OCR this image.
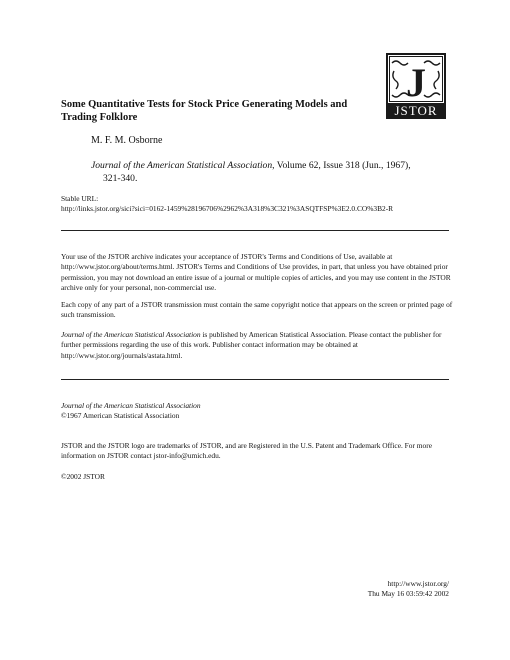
J
JSTOR
Some Quantitative Tests for Stock Price Generating Models and Trading Folklore
M. F. M. Osborne
Journal of the American Statistical Association, Volume 62, Issue 318 (Jun., 1967),
321-340.
Stable URL:
http://links.jstor.org/sici?sici=0162-1459%28196706%2962%3A318%3C321%3ASQTFSP%3E2.0.CO%3B2-R
Your use of the JSTOR archive indicates your acceptance of JSTOR's Terms and Conditions of Use, available at http://www.jstor.org/about/terms.html. JSTOR's Terms and Conditions of Use provides, in part, that unless you have obtained prior permission, you may not download an entire issue of a journal or multiple copies of articles, and you may use content in the JSTOR archive only for your personal, non-commercial use.
Each copy of any part of a JSTOR transmission must contain the same copyright notice that appears on the screen or printed page of such transmission.
Journal of the American Statistical Association is published by American Statistical Association. Please contact the publisher for further permissions regarding the use of this work. Publisher contact information may be obtained at http://www.jstor.org/journals/astata.html.
Journal of the American Statistical Association
©1967 American Statistical Association
JSTOR and the JSTOR logo are trademarks of JSTOR, and are Registered in the U.S. Patent and Trademark Office. For more information on JSTOR contact jstor-info@umich.edu.
©2002 JSTOR
http://www.jstor.org/
Thu May 16 03:59:42 2002
